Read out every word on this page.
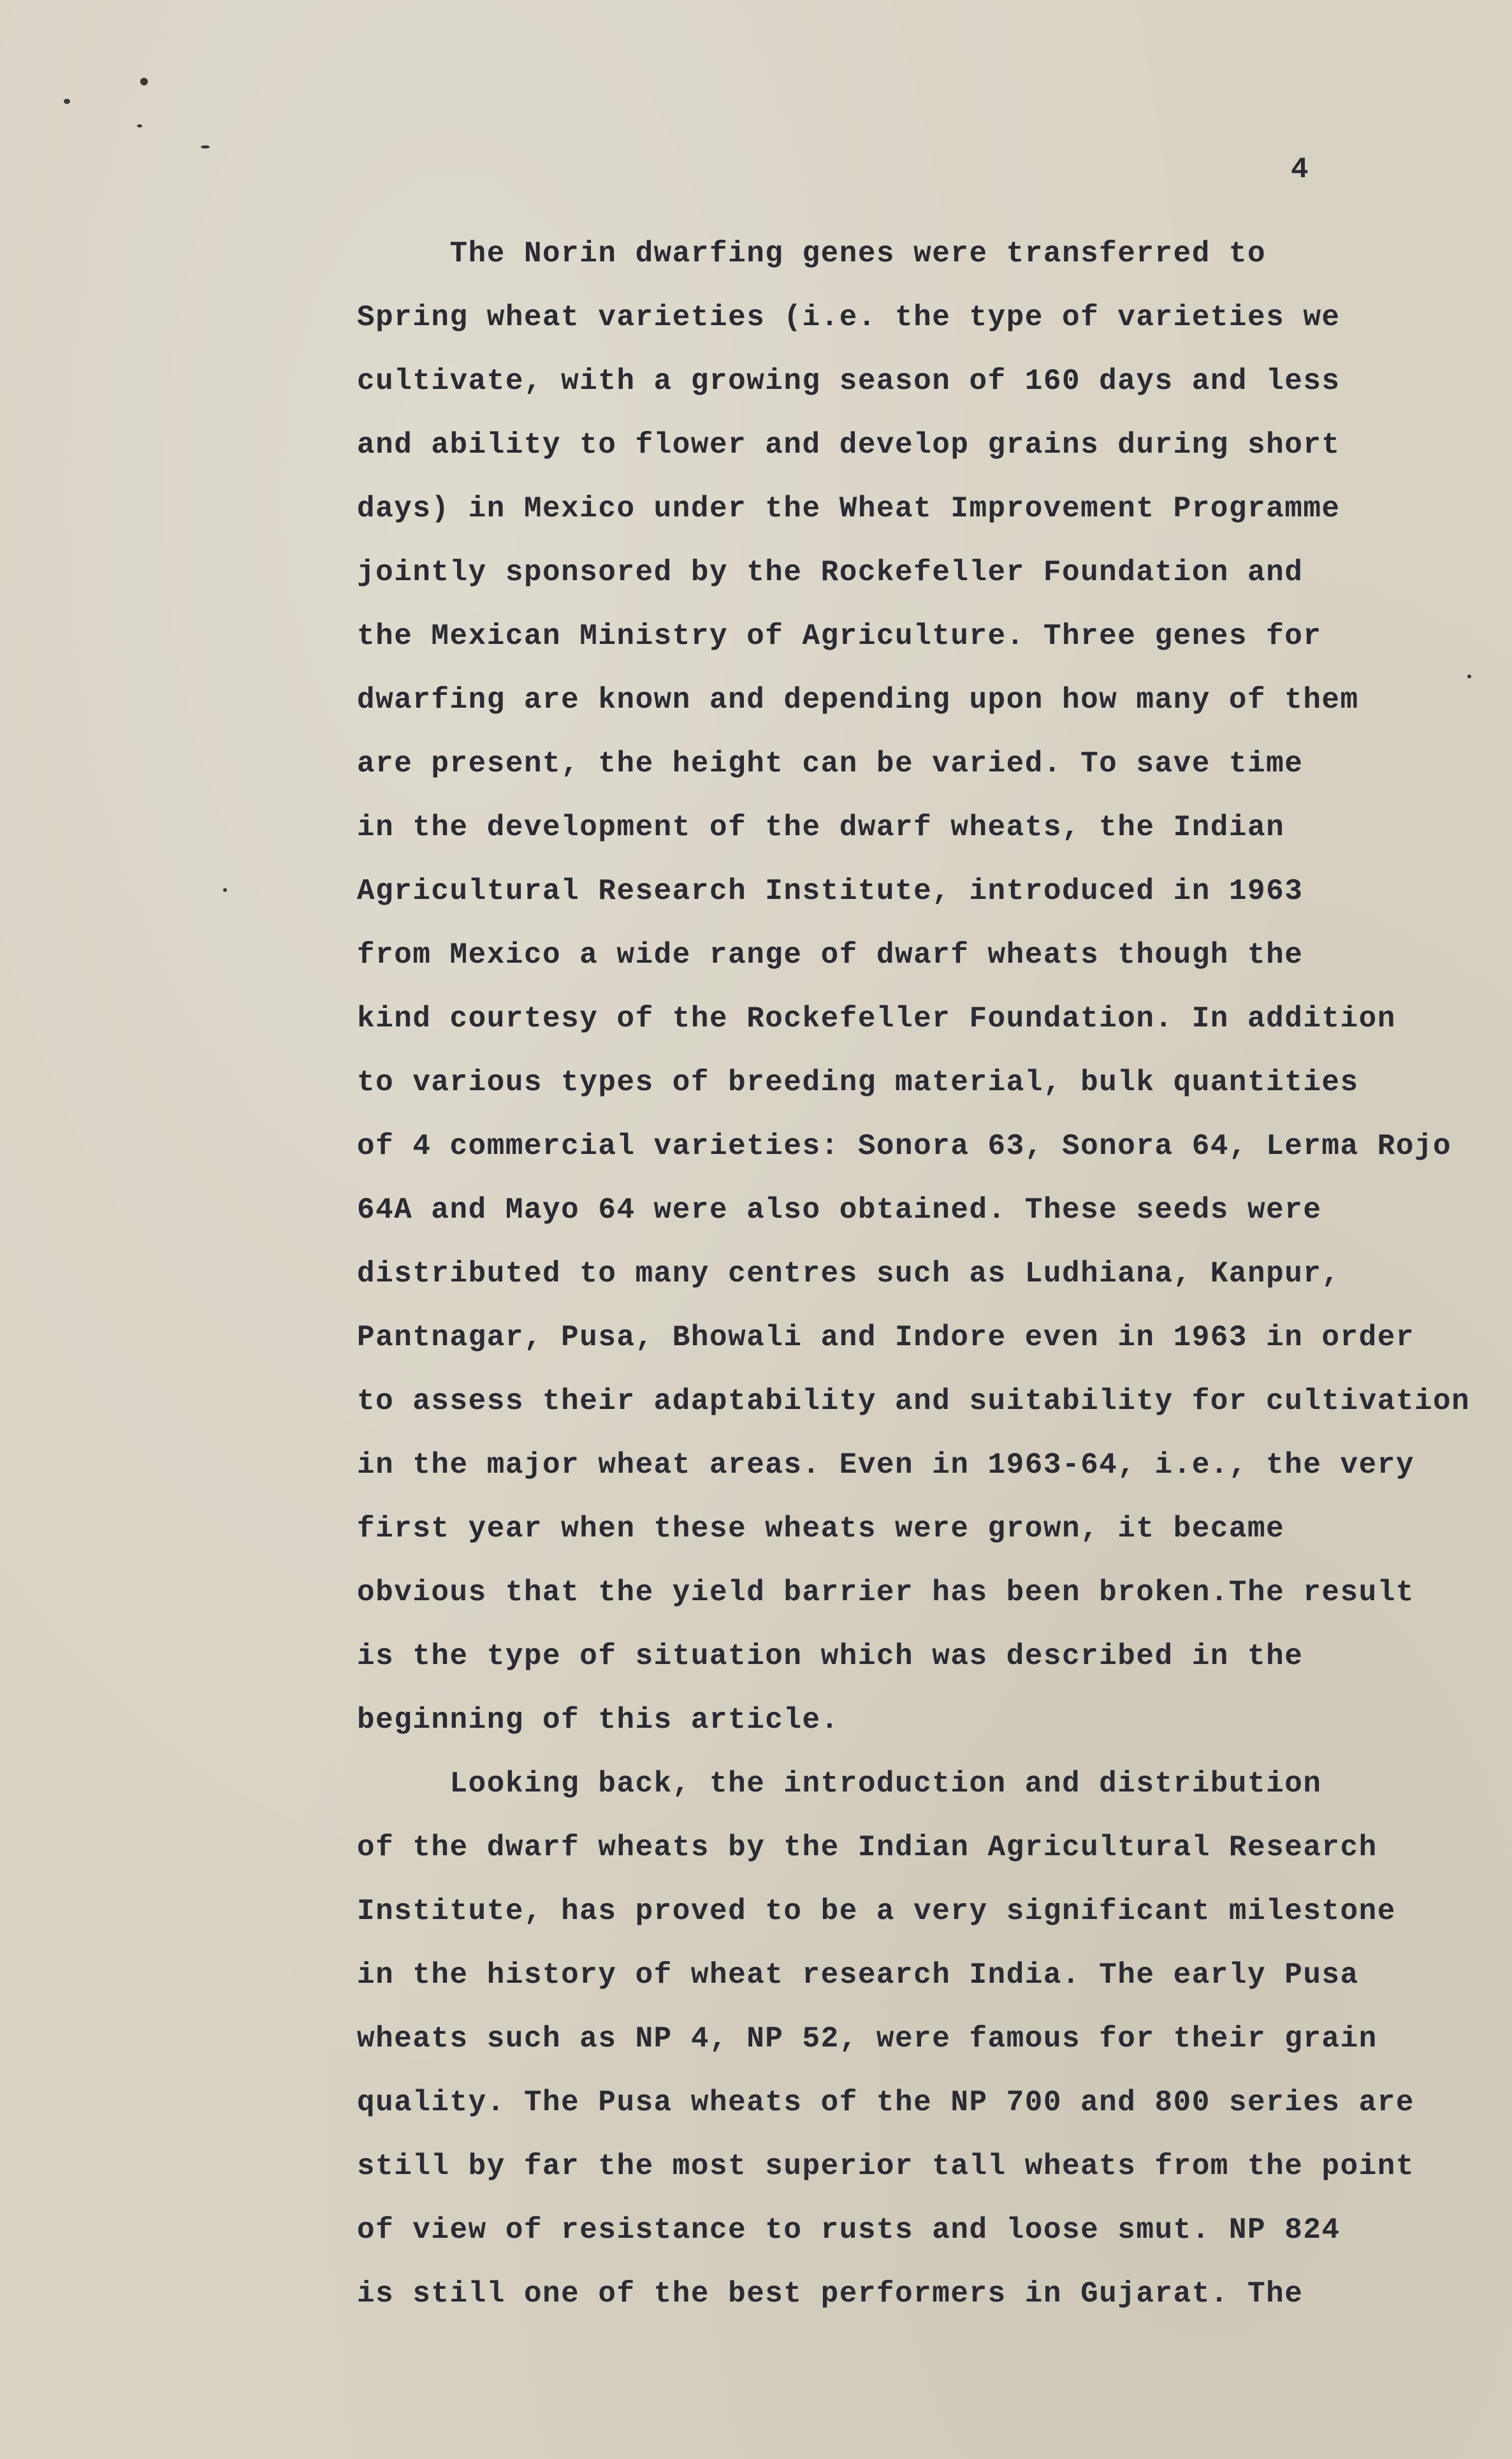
4
The Norin dwarfing genes were transferred to
Spring wheat varieties (i.e. the type of varieties we
cultivate, with a growing season of 160 days and less
and ability to flower and develop grains during short
days) in Mexico under the Wheat Improvement Programme
jointly sponsored by the Rockefeller Foundation and
the Mexican Ministry of Agriculture. Three genes for
dwarfing are known and depending upon how many of them
are present, the height can be varied. To save time
in the development of the dwarf wheats, the Indian
Agricultural Research Institute, introduced in 1963
from Mexico a wide range of dwarf wheats though the
kind courtesy of the Rockefeller Foundation. In addition
to various types of breeding material, bulk quantities
of 4 commercial varieties: Sonora 63, Sonora 64, Lerma Rojo
64A and Mayo 64 were also obtained. These seeds were
distributed to many centres such as Ludhiana, Kanpur,
Pantnagar, Pusa, Bhowali and Indore even in 1963 in order
to assess their adaptability and suitability for cultivation
in the major wheat areas. Even in 1963-64, i.e., the very
first year when these wheats were grown, it became
obvious that the yield barrier has been broken.The result
is the type of situation which was described in the
beginning of this article.
Looking back, the introduction and distribution
of the dwarf wheats by the Indian Agricultural Research
Institute, has proved to be a very significant milestone
in the history of wheat research India. The early Pusa
wheats such as NP 4, NP 52, were famous for their grain
quality. The Pusa wheats of the NP 700 and 800 series are
still by far the most superior tall wheats from the point
of view of resistance to rusts and loose smut. NP 824
is still one of the best performers in Gujarat. The
